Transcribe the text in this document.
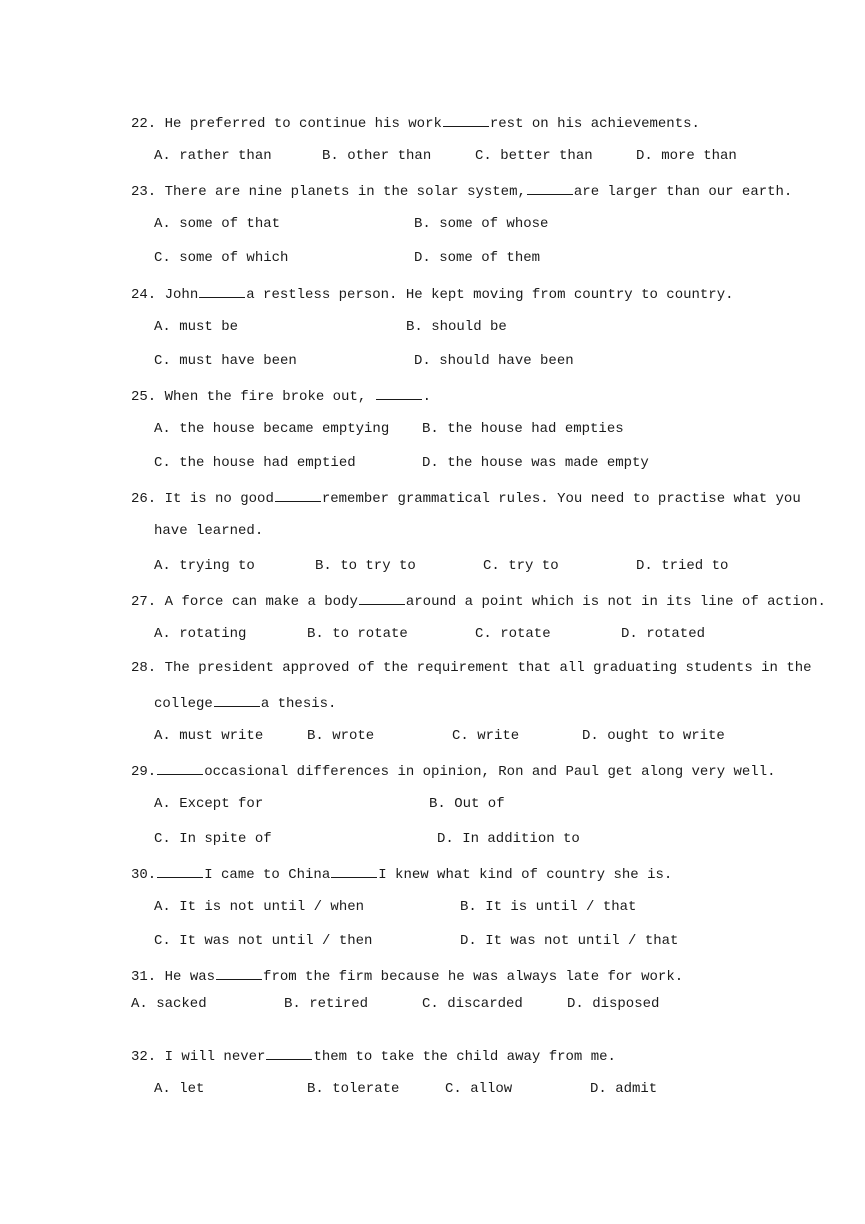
22. He preferred to continue his work	rest on his achievements.
A. rather than	B. other than	C. better than	D. more than
23. There are nine planets in the solar system,	are larger than our earth.
A. some of that	B. some of whose
C. some of which	D. some of them
24. John	a restless person. He kept moving from country to country.
A. must be	B. should be
C. must have been	D. should have been
25. When the fire broke out,	.
A. the house became emptying B. the house had empties
C. the house had emptied	D. the house was made empty
26. It is no good	remember grammatical rules. You need to practise what you
have learned.
A. trying to	B. to try to	C. try to	D. tried to
27. A force can make a body	around a point which is not in its line of action.
A. rotating	B. to rotate	C. rotate	D. rotated
28. The president approved of the requirement that all graduating students in the
college	a thesis.
A. must write	B. wrote	C. write	D. ought to write
29.	occasional differences in opinion, Ron and Paul get along very well.
A. Except for	B. Out of
C. In spite of	D. In addition to
30.	I came to China	I knew what kind of country she is.
A. It is not until / when	B. It is until / that
C. It was not until / then	D. It was not until / that
31. He was	from the firm because he was always late for work.
A. sacked	B. retired	C. discarded	D. disposed
32. I will never	them to take the child away from me.
A. let	B. tolerate	C. allow	D. admit
